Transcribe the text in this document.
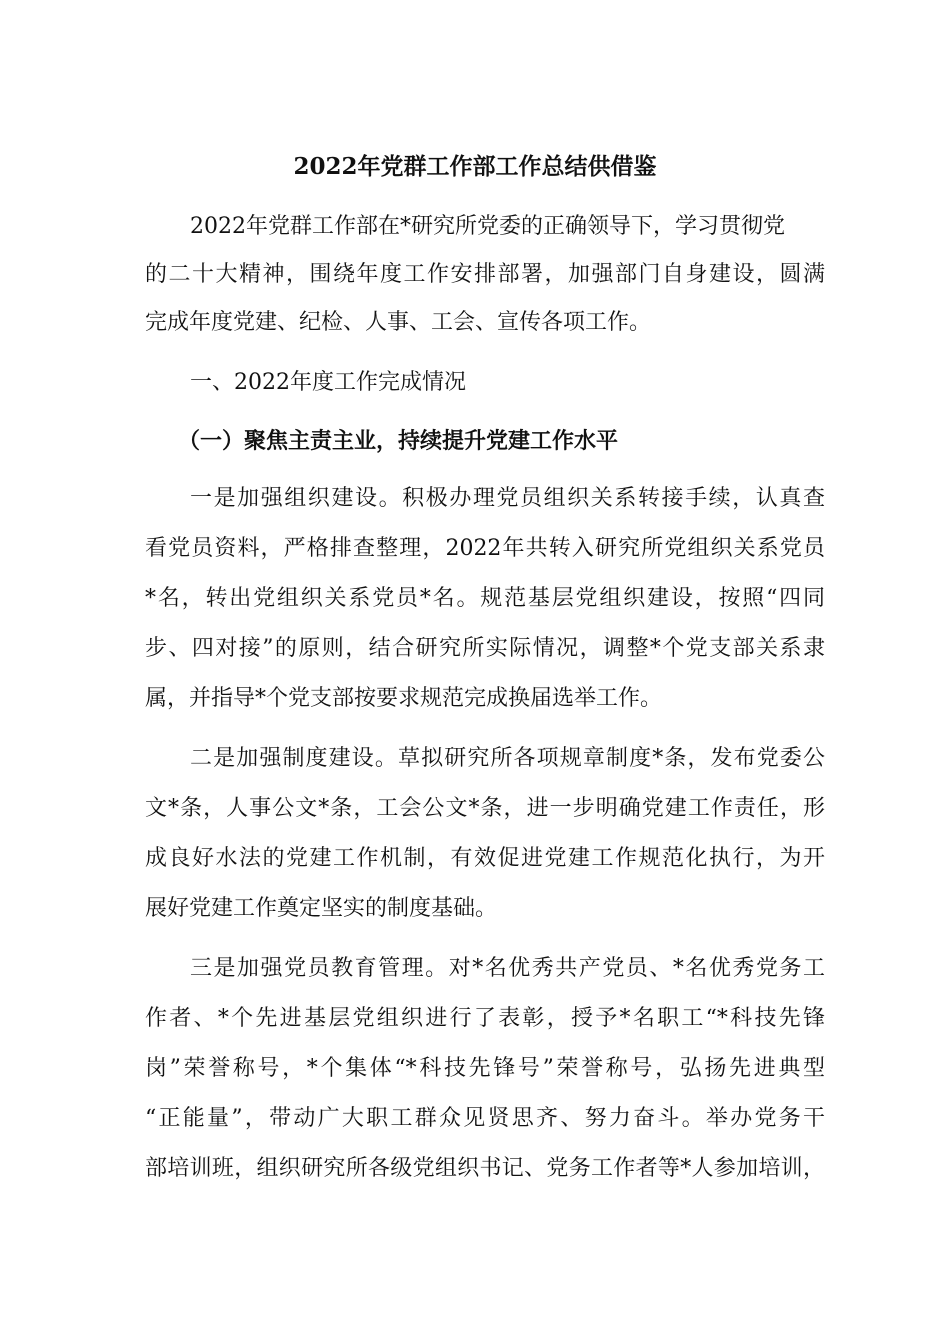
2022年党群工作部工作总结供借鉴
2022年党群工作部在*研究所党委的正确领导下，学习贯彻党
的二十大精神，围绕年度工作安排部署，加强部门自身建设，圆满
完成年度党建、纪检、人事、工会、宣传各项工作。
一、2022年度工作完成情况
（一）聚焦主责主业，持续提升党建工作水平
一是加强组织建设。积极办理党员组织关系转接手续，认真查
看党员资料，严格排查整理，2022年共转入研究所党组织关系党员
*名，转出党组织关系党员*名。规范基层党组织建设，按照“四同
步、四对接”的原则，结合研究所实际情况，调整*个党支部关系隶
属，并指导*个党支部按要求规范完成换届选举工作。
二是加强制度建设。草拟研究所各项规章制度*条，发布党委公
文*条，人事公文*条，工会公文*条，进一步明确党建工作责任，形
成良好水法的党建工作机制，有效促进党建工作规范化执行，为开
展好党建工作奠定坚实的制度基础。
三是加强党员教育管理。对*名优秀共产党员、*名优秀党务工
作者、*个先进基层党组织进行了表彰，授予*名职工“*科技先锋
岗”荣誉称号，*个集体“*科技先锋号”荣誉称号，弘扬先进典型
“正能量”，带动广大职工群众见贤思齐、努力奋斗。举办党务干
部培训班，组织研究所各级党组织书记、党务工作者等*人参加培训，
